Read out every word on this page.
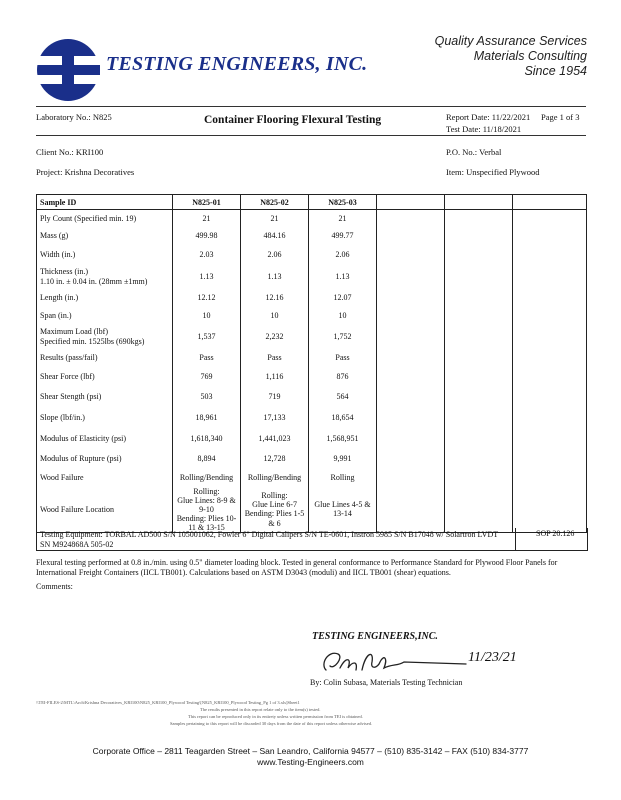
TESTING ENGINEERS, INC.
Quality Assurance Services
Materials Consulting
Since 1954
Laboratory No.: N825	Container Flooring Flexural Testing	Report Date: 11/22/2021 Page 1 of 3
Test Date: 11/18/2021
Client No.: KRI100	P.O. No.: Verbal
Project: Krishna Decoratives	Item: Unspecified Plywood
Sample ID	N825-01	N825-02	N825-03			
Ply Count (Specified min. 19)	21	21	21			
Mass (g)	499.98	484.16	499.77			
Width (in.)	2.03	2.06	2.06			
Thickness (in.)
1.10 in. ± 0.04 in. (28mm ±1mm)	1.13	1.13	1.13			
Length (in.)	12.12	12.16	12.07			
Span (in.)	10	10	10			
Maximum Load (lbf)
Specified min. 1525lbs (690kgs)	1,537	2,232	1,752			
Results (pass/fail)	Pass	Pass	Pass			
Shear Force (lbf)	769	1,116	876			
Shear Stength (psi)	503	719	564			
Slope (lbf/in.)	18,961	17,133	18,654			
Modulus of Elasticity (psi)	1,618,340	1,441,023	1,568,951			
Modulus of Rupture (psi)	8,894	12,728	9,991			
Wood Failure	Rolling/Bending	Rolling/Bending	Rolling			
Wood Failure Location	Rolling:
Glue Lines: 8-9 &
9-10
Bending: Plies 10-
11 & 13-15	Rolling:
Glue Line 6-7
Bending: Plies 1-5
& 6	Glue Lines 4-5 &
13-14			
Testing Equipment: TORBAL AD500 S/N 105001062, Fowler 6" Digital Calipers S/N TE-0601, Instron 5985 S/N B17048 w/ Solartron LVDT SN M924868A 505-02
SOP 20.126
Flexural testing performed at 0.8 in./min. using 0.5" diameter loading block. Tested in general conformance to Performance Standard for Plywood Floor Panels for International Freight Containers (IICL TB001). Calculations based on ASTM D3043 (moduli) and IICL TB001 (shear) equations.
Comments:
TESTING ENGINEERS,INC.
11/23/21
By: Colin Subasa, Materials Testing Technician
\\TEI-FILES-2\MTL\Arch\Krishna Decoratives_KRI100\N825_KRI100_Plywood Testing\[N825_KRI100_Plywood Testing_Pg 1 of 3.xls]Sheet1
The results presented in this report relate only to the item(s) tested.
This report can be reproduced only in its entirety unless written permission from TEI is obtained.
Samples pertaining to this report will be discarded 30 days from the date of this report unless otherwise advised.
Corporate Office – 2811 Teagarden Street – San Leandro, California 94577 – (510) 835-3142 – FAX (510) 834-3777
www.Testing-Engineers.com
